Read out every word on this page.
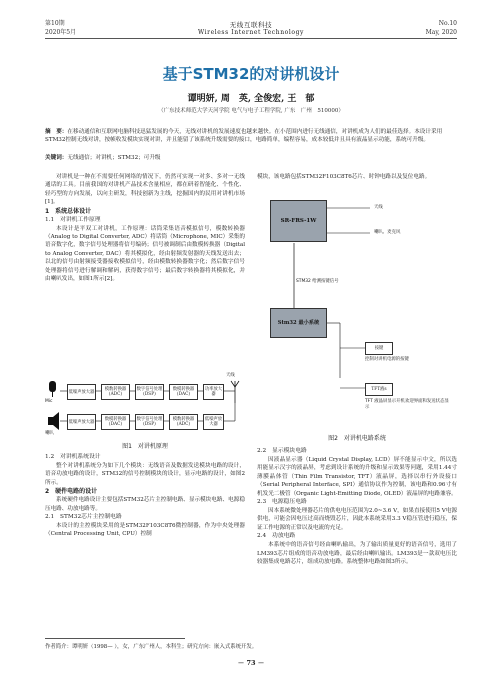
第10期
2020年5月
无线互联科技
Wireless Internet Technology
No.10
May, 2020
基于STM32的对讲机设计
谭明妍, 周　英, 全俊宏, 王　郁
（广东技术师范大学天河学院 电气与电子工程学院, 广东　广州　510000）
摘　要：在移动通信和互联网电脑科技迅猛发展的今天，无线对讲机的发展速度也越来越快。在小范围内进行无线通信，对讲机成为人们的最佳选择。本设计采用STM32控制无线对讲，按帧收发模块实现对讲，并且能留了该系统升级需要的接口，电路简单，编程容易，成本较低并且具有液晶显示功能，系统可升级。
关键词：无线通信；对讲机；STM32；可升级

对讲机是一种在不需要任何网络的情况下，仍然可实现一对多、多对一无线通话的工具。目前我国的对讲机产品技术含量相应，都在研着智能化、个性化、轻巧型的方向发展，以向主研发，科技创新为主线，挖掘国内的民用对讲机市场[1]。

1　系统总体设计
1.1　对讲机工作原理

本设计是平双工对讲机，工作原理：话筒采集语音模拟信号，模数转换器（Analog to Digital Converter, ADC）将话筒（Microphone, MIC）采集的语音数字化，数字信号处理器将信号编码；信号被调制后由数模转换器（Digital to Analog Converter, DAC）将其模拟化，经由射频发射器的天线发送出去；以北的信号由射频接受器接收模拟信号，经由模数转换器数字化；然后数字信号处理器将信号进行解调和解码，获得数字信号；最后数字转换器将其模拟化，并由喇叭发出，如图1所示[2]。

Mic
喇叭
天线
低噪声放大器	模数转换器
(ADC)
数字信号处理
(DSP)
数模转换器
(DAC)
功率放大器
低噪声放大器	数模转换器
(DAC)
数字信号处理
(DSP)
模数转换器
(ADC)
低噪声放大器
图1　对讲机原理
1.2　对讲机系统设计

整个对讲机系统分为如下几个模块：无线语音及数据发送模块电路的设计，语音功放电路的设计，STM32的信号控制模块的设计，显示电路的设计，如图2所示。

2　硬件电路的设计

系统硬件电路设计主要包括STM32芯片主控制电路、显示模块电路、电源稳压电路、功放电路等。

2.1　STM32芯片主控制电路

本设计的主控模块采用的是STM32F103C8T6微控制器，作为中央处理器（Central Processing Unit, CPU）控制

模块，该电路包括STM32F103C8T6芯片、时钟电路以及复位电路。

SR-FRS-1W
天线
喇叭、麦克风
STM32 给测按键信号
Stm32 最小系统
按键
控制对讲机电源的按键
TFT液s
TFT 液晶屏显示开机欢迎界面和发送状态显示
图2　对讲机电路系统
2.2　显示模块电路

因液晶显示器（Liquid Crystal Display, LCD）屏不能显示中文，所以选用能显示汉字的液晶屏，考虑到设计系统的升级和显示效果等问题，采用1.44寸薄膜晶体管（Thin Film Transistor, TFT）液晶屏，选择以串行外设接口（Serial Peripheral Interface, SPI）通信协议作为控制，该电路和0.96寸有机发光二极管（Organic Light-Emitting Diode, OLED）液晶屏的电路兼容。

2.3　电源稳压电路

因本系统微处理器芯片的供电电压范围为2.0~3.6 V，如果直接使用5 V电源供电，可能会因电压过高而烧毁芯片，因此本系统采用3.3 V稳压管进行稳压，保证工作电源的正常以及电流的充足。

2.4　功放电路

本系统中的语音信号经由喇叭输出，为了输出质量更好的语音信号，选用了LM393芯片组成的语音功放电路，最后经由喇叭输出。LM393是一款双电压比较器集成电路芯片，组成功放电路。系统整体电路如图3所示。

作者简介：谭明妍（1998— ），女，广东广州人，本科生；研究方向：嵌入式系统开发。
－ 73 －
